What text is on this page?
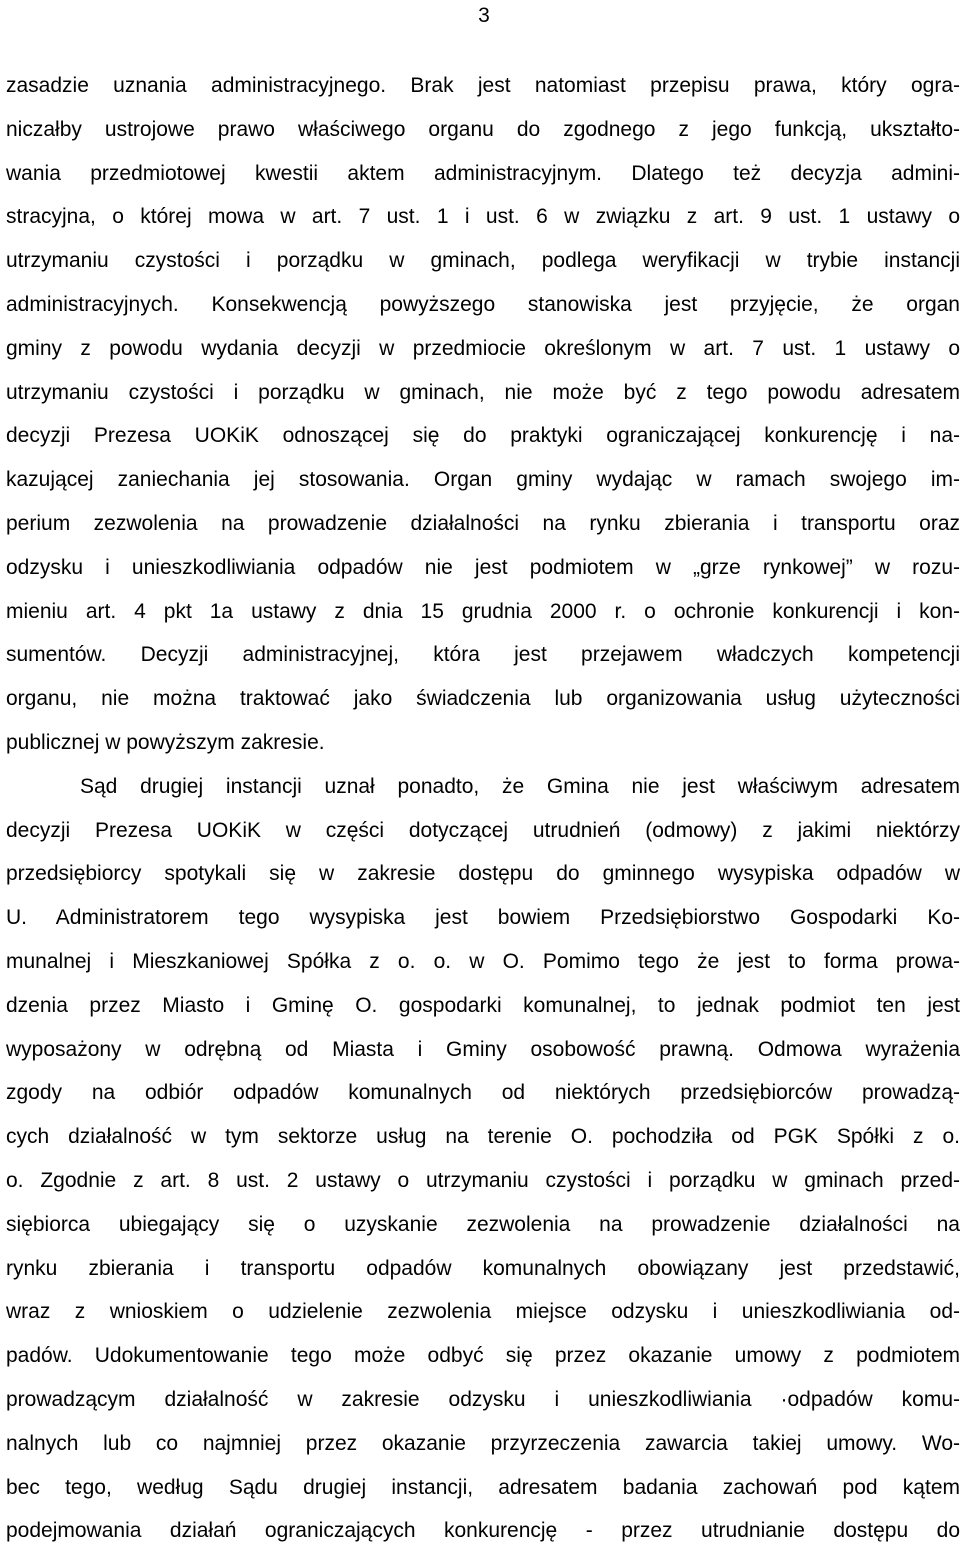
3
zasadzie uznania administracyjnego. Brak jest natomiast przepisu prawa, który ogra-
niczałby ustrojowe prawo właściwego organu do zgodnego z jego funkcją, ukształto-
wania przedmiotowej kwestii aktem administracyjnym. Dlatego też decyzja admini-
stracyjna, o której mowa w art. 7 ust. 1 i ust. 6 w związku z art. 9 ust. 1 ustawy o
utrzymaniu czystości i porządku w gminach, podlega weryfikacji w trybie instancji
administracyjnych. Konsekwencją powyższego stanowiska jest przyjęcie, że organ
gminy z powodu wydania decyzji w przedmiocie określonym w art. 7 ust. 1 ustawy o
utrzymaniu czystości i porządku w gminach, nie może być z tego powodu adresatem
decyzji Prezesa UOKiK odnoszącej się do praktyki ograniczającej konkurencję i na-
kazującej zaniechania jej stosowania. Organ gminy wydając w ramach swojego im-
perium zezwolenia na prowadzenie działalności na rynku zbierania i transportu oraz
odzysku i unieszkodliwiania odpadów nie jest podmiotem w „grze rynkowej” w rozu-
mieniu art. 4 pkt 1a ustawy z dnia 15 grudnia 2000 r. o ochronie konkurencji i kon-
sumentów. Decyzji administracyjnej, która jest przejawem władczych kompetencji
organu, nie można traktować jako świadczenia lub organizowania usług użyteczności
publicznej w powyższym zakresie.
Sąd drugiej instancji uznał ponadto, że Gmina nie jest właściwym adresatem
decyzji Prezesa UOKiK w części dotyczącej utrudnień (odmowy) z jakimi niektórzy
przedsiębiorcy spotykali się w zakresie dostępu do gminnego wysypiska odpadów w
U. Administratorem tego wysypiska jest bowiem Przedsiębiorstwo Gospodarki Ko-
munalnej i Mieszkaniowej Spółka z o. o. w O. Pomimo tego że jest to forma prowa-
dzenia przez Miasto i Gminę O. gospodarki komunalnej, to jednak podmiot ten jest
wyposażony w odrębną od Miasta i Gminy osobowość prawną. Odmowa wyrażenia
zgody na odbiór odpadów komunalnych od niektórych przedsiębiorców prowadzą-
cych działalność w tym sektorze usług na terenie O. pochodziła od PGK Spółki z o.
o. Zgodnie z art. 8 ust. 2 ustawy o utrzymaniu czystości i porządku w gminach przed-
siębiorca ubiegający się o uzyskanie zezwolenia na prowadzenie działalności na
rynku zbierania i transportu odpadów komunalnych obowiązany jest przedstawić,
wraz z wnioskiem o udzielenie zezwolenia miejsce odzysku i unieszkodliwiania od-
padów. Udokumentowanie tego może odbyć się przez okazanie umowy z podmiotem
prowadzącym działalność w zakresie odzysku i unieszkodliwiania ·odpadów komu-
nalnych lub co najmniej przez okazanie przyrzeczenia zawarcia takiej umowy. Wo-
bec tego, według Sądu drugiej instancji, adresatem badania zachowań pod kątem
podejmowania działań ograniczających konkurencję - przez utrudnianie dostępu do
